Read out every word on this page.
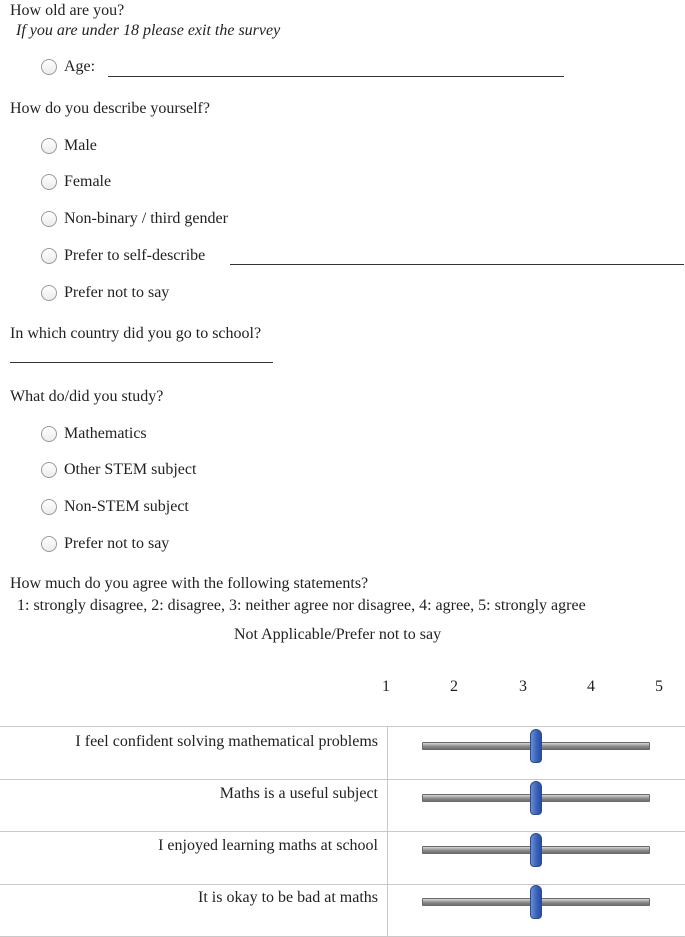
How old are you?
If you are under 18 please exit the survey
Age:
How do you describe yourself?
Male
Female
Non-binary / third gender
Prefer to self-describe
Prefer not to say
In which country did you go to school?
What do/did you study?
Mathematics
Other STEM subject
Non-STEM subject
Prefer not to say
How much do you agree with the following statements?
1: strongly disagree, 2: disagree, 3: neither agree nor disagree, 4: agree, 5: strongly agree
Not Applicable/Prefer not to say
1	2	3	4	5
I feel confident solving mathematical problems
Maths is a useful subject
I enjoyed learning maths at school
It is okay to be bad at maths
